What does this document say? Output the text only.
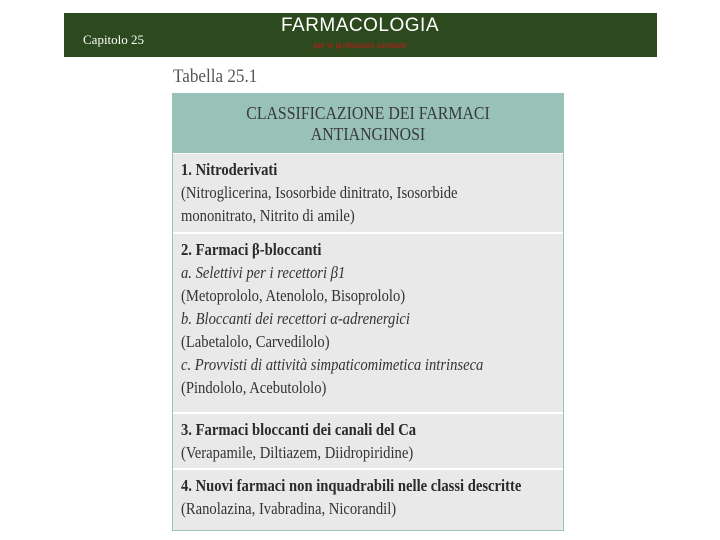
Capitolo 25
FARMACOLOGIA
per le professioni sanitarie
Tabella 25.1
CLASSIFICAZIONE DEI FARMACI
ANTIANGINOSI
1. Nitroderivati
(Nitroglicerina, Isosorbide dinitrato, Isosorbide
mononitrato, Nitrito di amile)
2. Farmaci β-bloccanti
a. Selettivi per i recettori β1
(Metoprololo, Atenololo, Bisoprololo)
b. Bloccanti dei recettori α-adrenergici
(Labetalolo, Carvedilolo)
c. Provvisti di attività simpaticomimetica intrinseca
(Pindololo, Acebutololo)
3. Farmaci bloccanti dei canali del Ca
(Verapamile, Diltiazem, Diidropiridine)
4. Nuovi farmaci non inquadrabili nelle classi descritte
(Ranolazina, Ivabradina, Nicorandil)
